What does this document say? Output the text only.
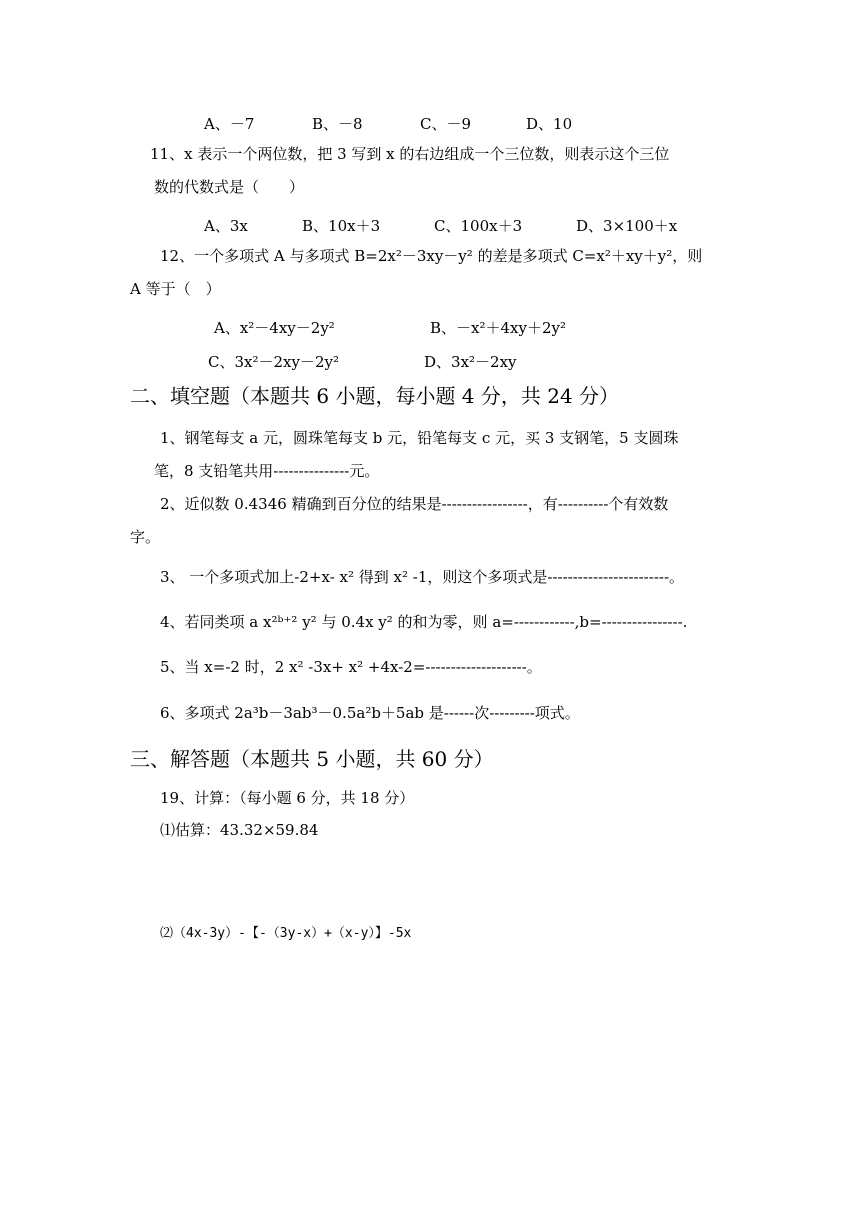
A、－7	B、－8	C、－9	D、10
11、x 表示一个两位数，把 3 写到 x 的右边组成一个三位数，则表示这个三位
数的代数式是（　　）
A、3x	B、10x＋3	C、100x＋3	D、3×100＋x
12、一个多项式 A 与多项式 B=2x²－3xy－y² 的差是多项式 C=x²＋xy＋y²，则
A 等于（　）
A、x²－4xy－2y²	B、－x²＋4xy＋2y²
C、3x²－2xy－2y²	D、3x²－2xy
二、填空题（本题共 6 小题，每小题 4 分，共 24 分）
1、钢笔每支 a 元，圆珠笔每支 b 元，铅笔每支 c 元，买 3 支钢笔，5 支圆珠
笔，8 支铅笔共用---------------元。
2、近似数 0.4346 精确到百分位的结果是-----------------，有----------个有效数
字。
3、 一个多项式加上-2+x- x² 得到 x² -1，则这个多项式是------------------------。
4、若同类项 a x²ᵇ⁺² y² 与 0.4x y² 的和为零，则 a=------------,b=----------------.
5、当 x=-2 时，2 x² -3x+ x² +4x-2=--------------------。
6、多项式 2a³b－3ab³－0.5a²b＋5ab 是------次---------项式。
三、解答题（本题共 5 小题，共 60 分）
19、计算：（每小题 6 分，共 18 分）
⑴估算：43.32×59.84
⑵（4x-3y）-【-（3y-x）+（x-y）】-5x
